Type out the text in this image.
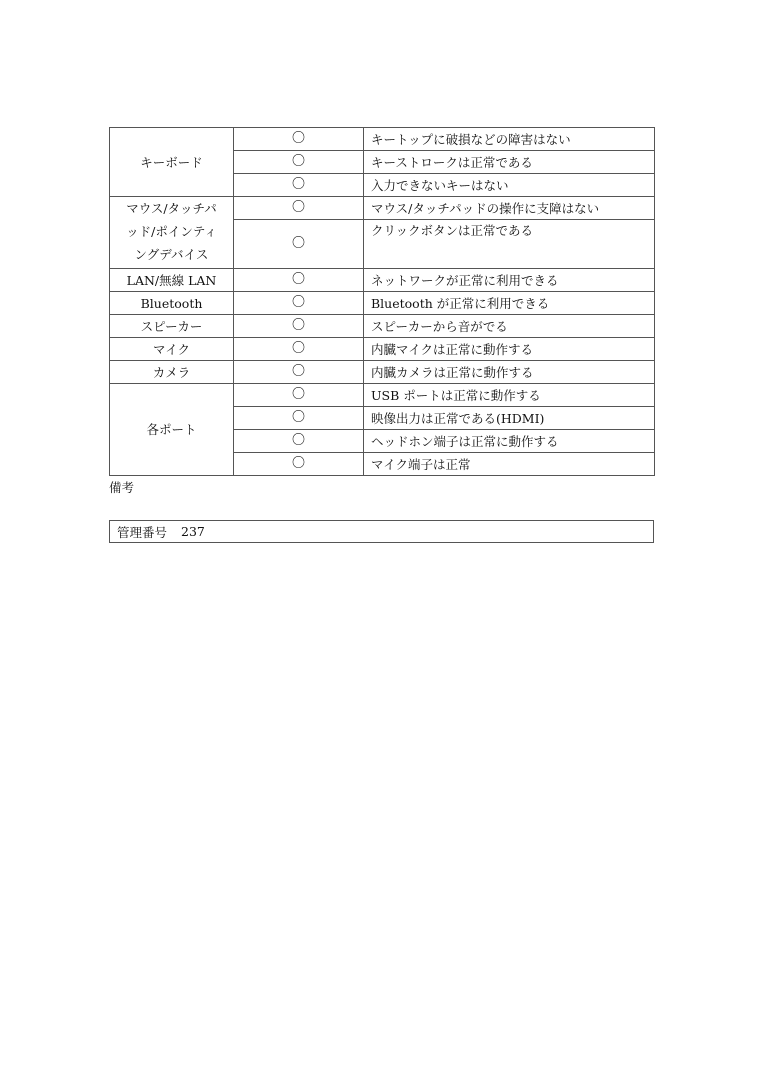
キーボード	〇	キートップに破損などの障害はない
	〇	キーストロークは正常である
	〇	入力できないキーはない

マウス/タッチパ
ッド/ポインティ
ングデバイス	〇	マウス/タッチパッドの操作に支障はない
	〇	クリックボタンは正常である
LAN/無線 LAN	〇	ネットワークが正常に利用できる
Bluetooth	〇	Bluetooth が正常に利用できる
スピーカー	〇	スピーカーから音がでる
マイク	〇	内臓マイクは正常に動作する
カメラ	〇	内臓カメラは正常に動作する
各ポート	〇	USB ポートは正常に動作する
	〇	映像出力は正常である(HDMI)
	〇	ヘッドホン端子は正常に動作する
	〇	マイク端子は正常

備考

管理番号 237
